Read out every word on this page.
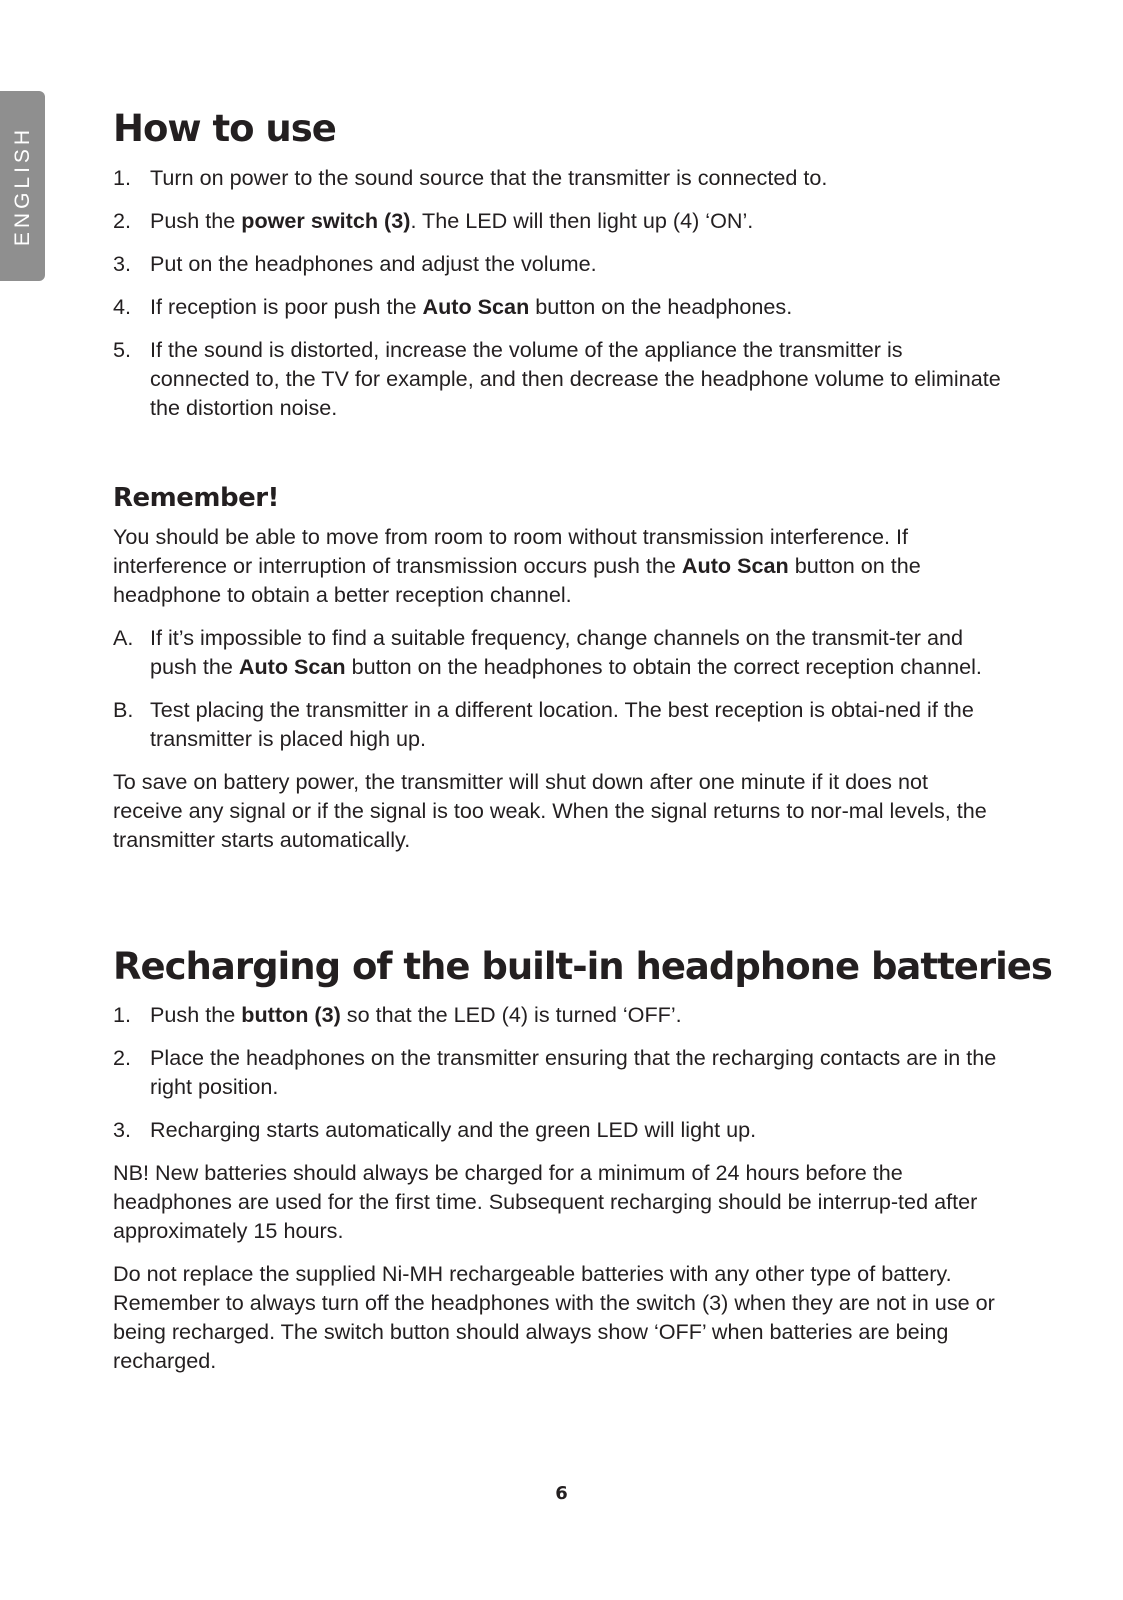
ENGLISH How to use
1. Turn on power to the sound source that the transmitter is connected to.
2. Push the power switch (3). The LED will then light up (4) ‘ON’.
3. Put on the headphones and adjust the volume.
4. If reception is poor push the Auto Scan button on the headphones.
5. If the sound is distorted, increase the volume of the appliance the transmitter is connected to, the TV for example, and then decrease the headphone volume to eliminate the distortion noise.
Remember!

You should be able to move from room to room without transmission interference. If interference or interruption of transmission occurs push the Auto Scan button on the headphone to obtain a better reception channel.

A. If it’s impossible to find a suitable frequency, change channels on the transmit-ter and push the Auto Scan button on the headphones to obtain the correct reception channel.
B. Test placing the transmitter in a different location. The best reception is obtai-ned if the transmitter is placed high up.

To save on battery power, the transmitter will shut down after one minute if it does not receive any signal or if the signal is too weak. When the signal returns to nor-mal levels, the transmitter starts automatically.

Recharging of the built-in headphone batteries
1. Push the button (3) so that the LED (4) is turned ‘OFF’.
2. Place the headphones on the transmitter ensuring that the recharging contacts are in the right position.
3. Recharging starts automatically and the green LED will light up.

NB! New batteries should always be charged for a minimum of 24 hours before the headphones are used for the first time. Subsequent recharging should be interrup-ted after approximately 15 hours.

Do not replace the supplied Ni-MH rechargeable batteries with any other type of battery. Remember to always turn off the headphones with the switch (3) when they are not in use or being recharged. The switch button should always show ‘OFF’ when batteries are being recharged.

6
